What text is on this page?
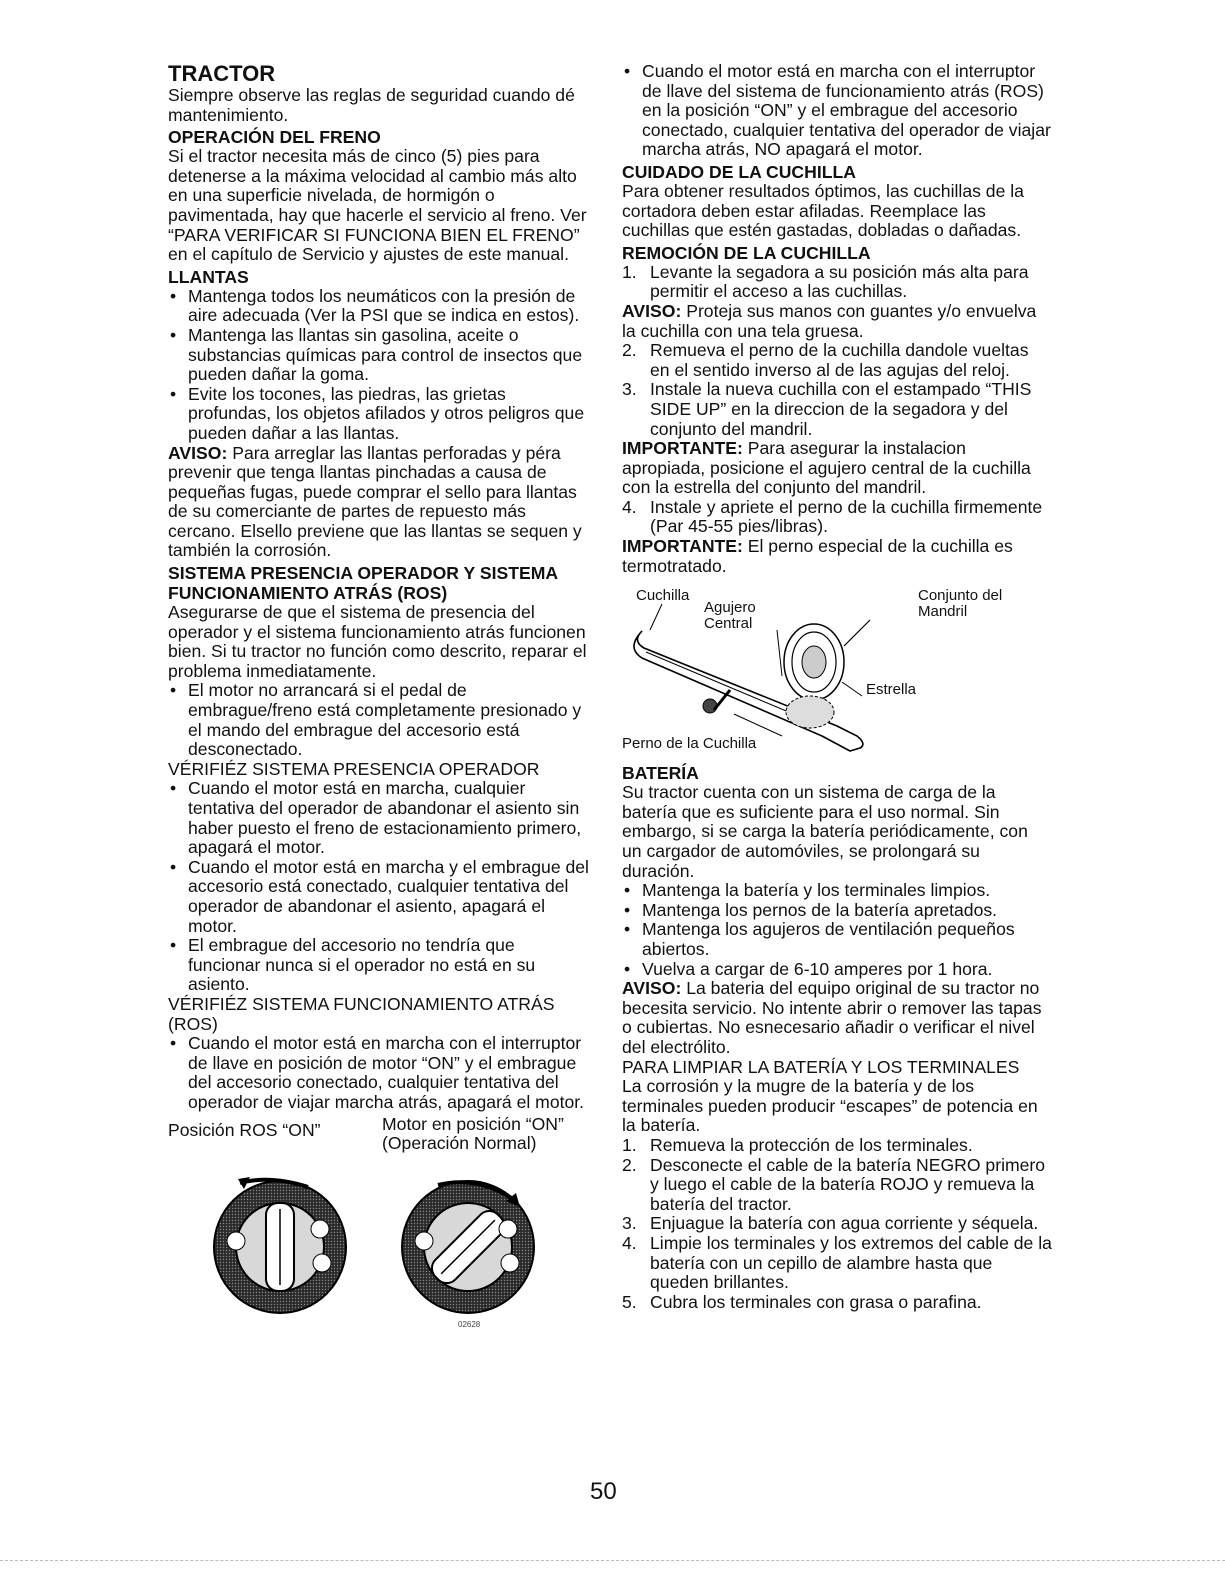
TRACTOR

Siempre observe las reglas de seguridad cuando dé mantenimiento.

OPERACIÓN DEL FRENO

Si el tractor necesita más de cinco (5) pies para detenerse a la máxima velocidad al cambio más alto en una superficie nivelada, de hormigón o pavimentada, hay que hacerle el servicio al freno. Ver “PARA VERIFICAR SI FUNCIONA BIEN EL FRENO” en el capítulo de Servicio y ajustes de este manual.

LLANTAS
• Mantenga todos los neumáticos con la presión de aire adecuada (Ver la PSI que se indica en estos).
• Mantenga las llantas sin gasolina, aceite o substancias químicas para control de insectos que pueden dañar la goma.
• Evite los tocones, las piedras, las grietas profundas, los objetos afilados y otros peligros que pueden dañar a las llantas.

AVISO: Para arreglar las llantas perforadas y péra prevenir que tenga llantas pinchadas a causa de pequeñas fugas, puede comprar el sello para llantas de su comerciante de partes de repuesto más cercano. Elsello previene que las llantas se sequen y también la corrosión.

SISTEMA PRESENCIA OPERADOR Y SISTEMA FUNCIONAMIENTO ATRÁS (ROS)

Asegurarse de que el sistema de presencia del operador y el sistema funcionamiento atrás funcionen bien. Si tu tractor no función como descrito, reparar el problema inmediatamente.

• El motor no arrancará si el pedal de embrague/freno está completamente presionado y el mando del embrague del accesorio está desconectado.

VÉRIFIÉZ SISTEMA PRESENCIA OPERADOR

• Cuando el motor está en marcha, cualquier tentativa del operador de abandonar el asiento sin haber puesto el freno de estacionamiento primero, apagará el motor.
• Cuando el motor está en marcha y el embrague del accesorio está conectado, cualquier tentativa del operador de abandonar el asiento, apagará el motor.
• El embrague del accesorio no tendría que funcionar nunca si el operador no está en su asiento.

VÉRIFIÉZ SISTEMA FUNCIONAMIENTO ATRÁS (ROS)

• Cuando el motor está en marcha con el interruptor de llave en posición de motor “ON” y el embrague del accesorio conectado, cualquier tentativa del operador de viajar marcha atrás, apagará el motor.
Posición ROS “ON”	Motor en posición “ON” (Operación Normal)
02628
• Cuando el motor está en marcha con el interruptor de llave del sistema de funcionamiento atrás (ROS) en la posición “ON” y el embrague del accesorio conectado, cualquier tentativa del operador de viajar marcha atrás, NO apagará el motor.
CUIDADO DE LA CUCHILLA

Para obtener resultados óptimos, las cuchillas de la cortadora deben estar afiladas. Reemplace las cuchillas que estén gastadas, dobladas o dañadas.

REMOCIÓN DE LA CUCHILLA
1. Levante la segadora a su posición más alta para permitir el acceso a las cuchillas.

AVISO: Proteja sus manos con guantes y/o envuelva la cuchilla con una tela gruesa.

2. Remueva el perno de la cuchilla dandole vueltas en el sentido inverso al de las agujas del reloj.
3. Instale la nueva cuchilla con el estampado “THIS SIDE UP” en la direccion de la segadora y del conjunto del mandril.

IMPORTANTE: Para asegurar la instalacion apropiada, posicione el agujero central de la cuchilla con la estrella del conjunto del mandril.

4. Instale y apriete el perno de la cuchilla firmemente (Par 45-55 pies/libras).

IMPORTANTE: El perno especial de la cuchilla es termotratado.

Cuchilla
Agujero Central
Conjunto del Mandril
Estrella
Perno de la Cuchilla
BATERÍA

Su tractor cuenta con un sistema de carga de la batería que es suficiente para el uso normal. Sin embargo, si se carga la batería periódicamente, con un cargador de automóviles, se prolongará su duración.

• Mantenga la batería y los terminales limpios.
• Mantenga los pernos de la batería apretados.
• Mantenga los agujeros de ventilación pequeños abiertos.
• Vuelva a cargar de 6-10 amperes por 1 hora.

AVISO: La bateria del equipo original de su tractor no becesita servicio. No intente abrir o remover las tapas o cubiertas. No esnecesario añadir o verificar el nivel del electrólito.

PARA LIMPIAR LA BATERÍA Y LOS TERMINALES

La corrosión y la mugre de la batería y de los terminales pueden producir “escapes” de potencia en la batería.

1. Remueva la protección de los terminales.
2. Desconecte el cable de la batería NEGRO primero y luego el cable de la batería ROJO y remueva la batería del tractor.
3. Enjuague la batería con agua corriente y séquela.
4. Limpie los terminales y los extremos del cable de la batería con un cepillo de alambre hasta que queden brillantes.
5. Cubra los terminales con grasa o parafina.
50
